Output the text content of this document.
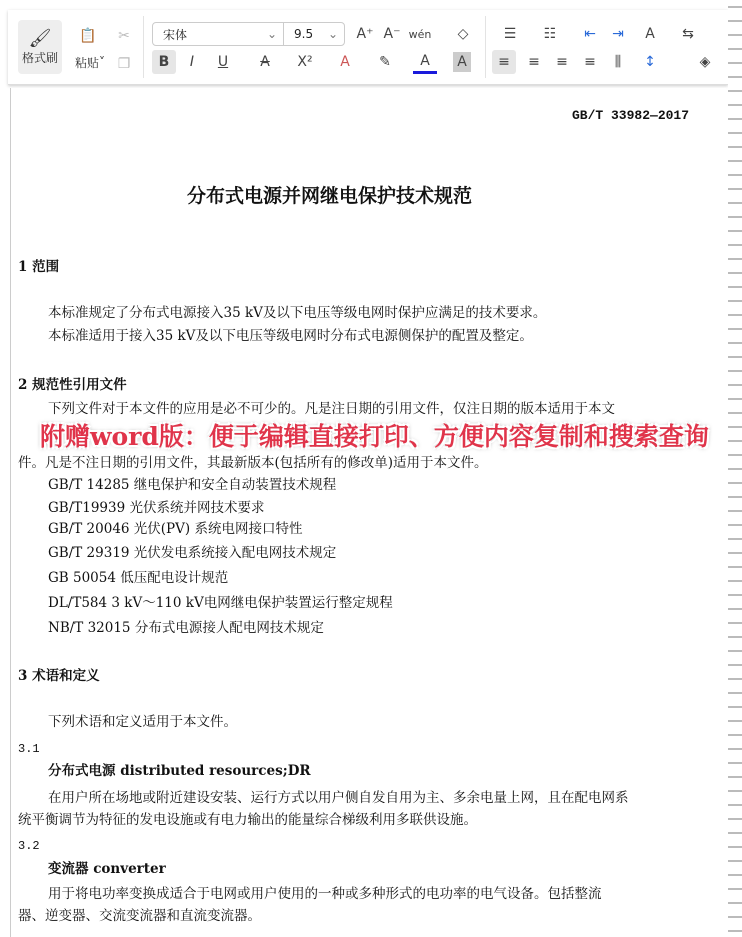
🖌
格式刷
📋	✂
粘贴 ˅ ❐
宋体	⌄ 9.5 ⌄ A⁺ A⁻ wén	◇
B	I	U	A	X²	A	✎	A	A
☰	☷	⇤	⇥	A	⇆
≡	≡	≡	≡	⫼	↕	◈
GB/T 33982—2017
分布式电源并网继电保护技术规范
1 范围
本标准规定了分布式电源接入35 kV及以下电压等级电网时保护应满足的技术要求。
本标准适用于接入35 kV及以下电压等级电网时分布式电源侧保护的配置及整定。
2 规范性引用文件
下列文件对于本文件的应用是必不可少的。凡是注日期的引用文件，仅注日期的版本适用于本文
件。凡是不注日期的引用文件，其最新版本(包括所有的修改单)适用于本文件。
GB/T 14285 继电保护和安全自动装置技术规程
GB/T19939 光伏系统并网技术要求
GB/T 20046 光伏(PV) 系统电网接口特性
GB/T 29319 光伏发电系统接入配电网技术规定
GB 50054 低压配电设计规范
DL/T584 3 kV～110 kV电网继电保护装置运行整定规程
NB/T 32015 分布式电源接人配电网技术规定
3 术语和定义
下列术语和定义适用于本文件。
3.1
分布式电源 distributed resources;DR
在用户所在场地或附近建设安装、运行方式以用户侧自发自用为主、多余电量上网，且在配电网系
统平衡调节为特征的发电设施或有电力输出的能量综合梯级利用多联供设施。
3.2
变流器 converter
用于将电功率变换成适合于电网或用户使用的一种或多种形式的电功率的电气设备。包括整流
器、逆变器、交流变流器和直流变流器。
附赠word版：便于编辑直接打印、方便内容复制和搜索查询
